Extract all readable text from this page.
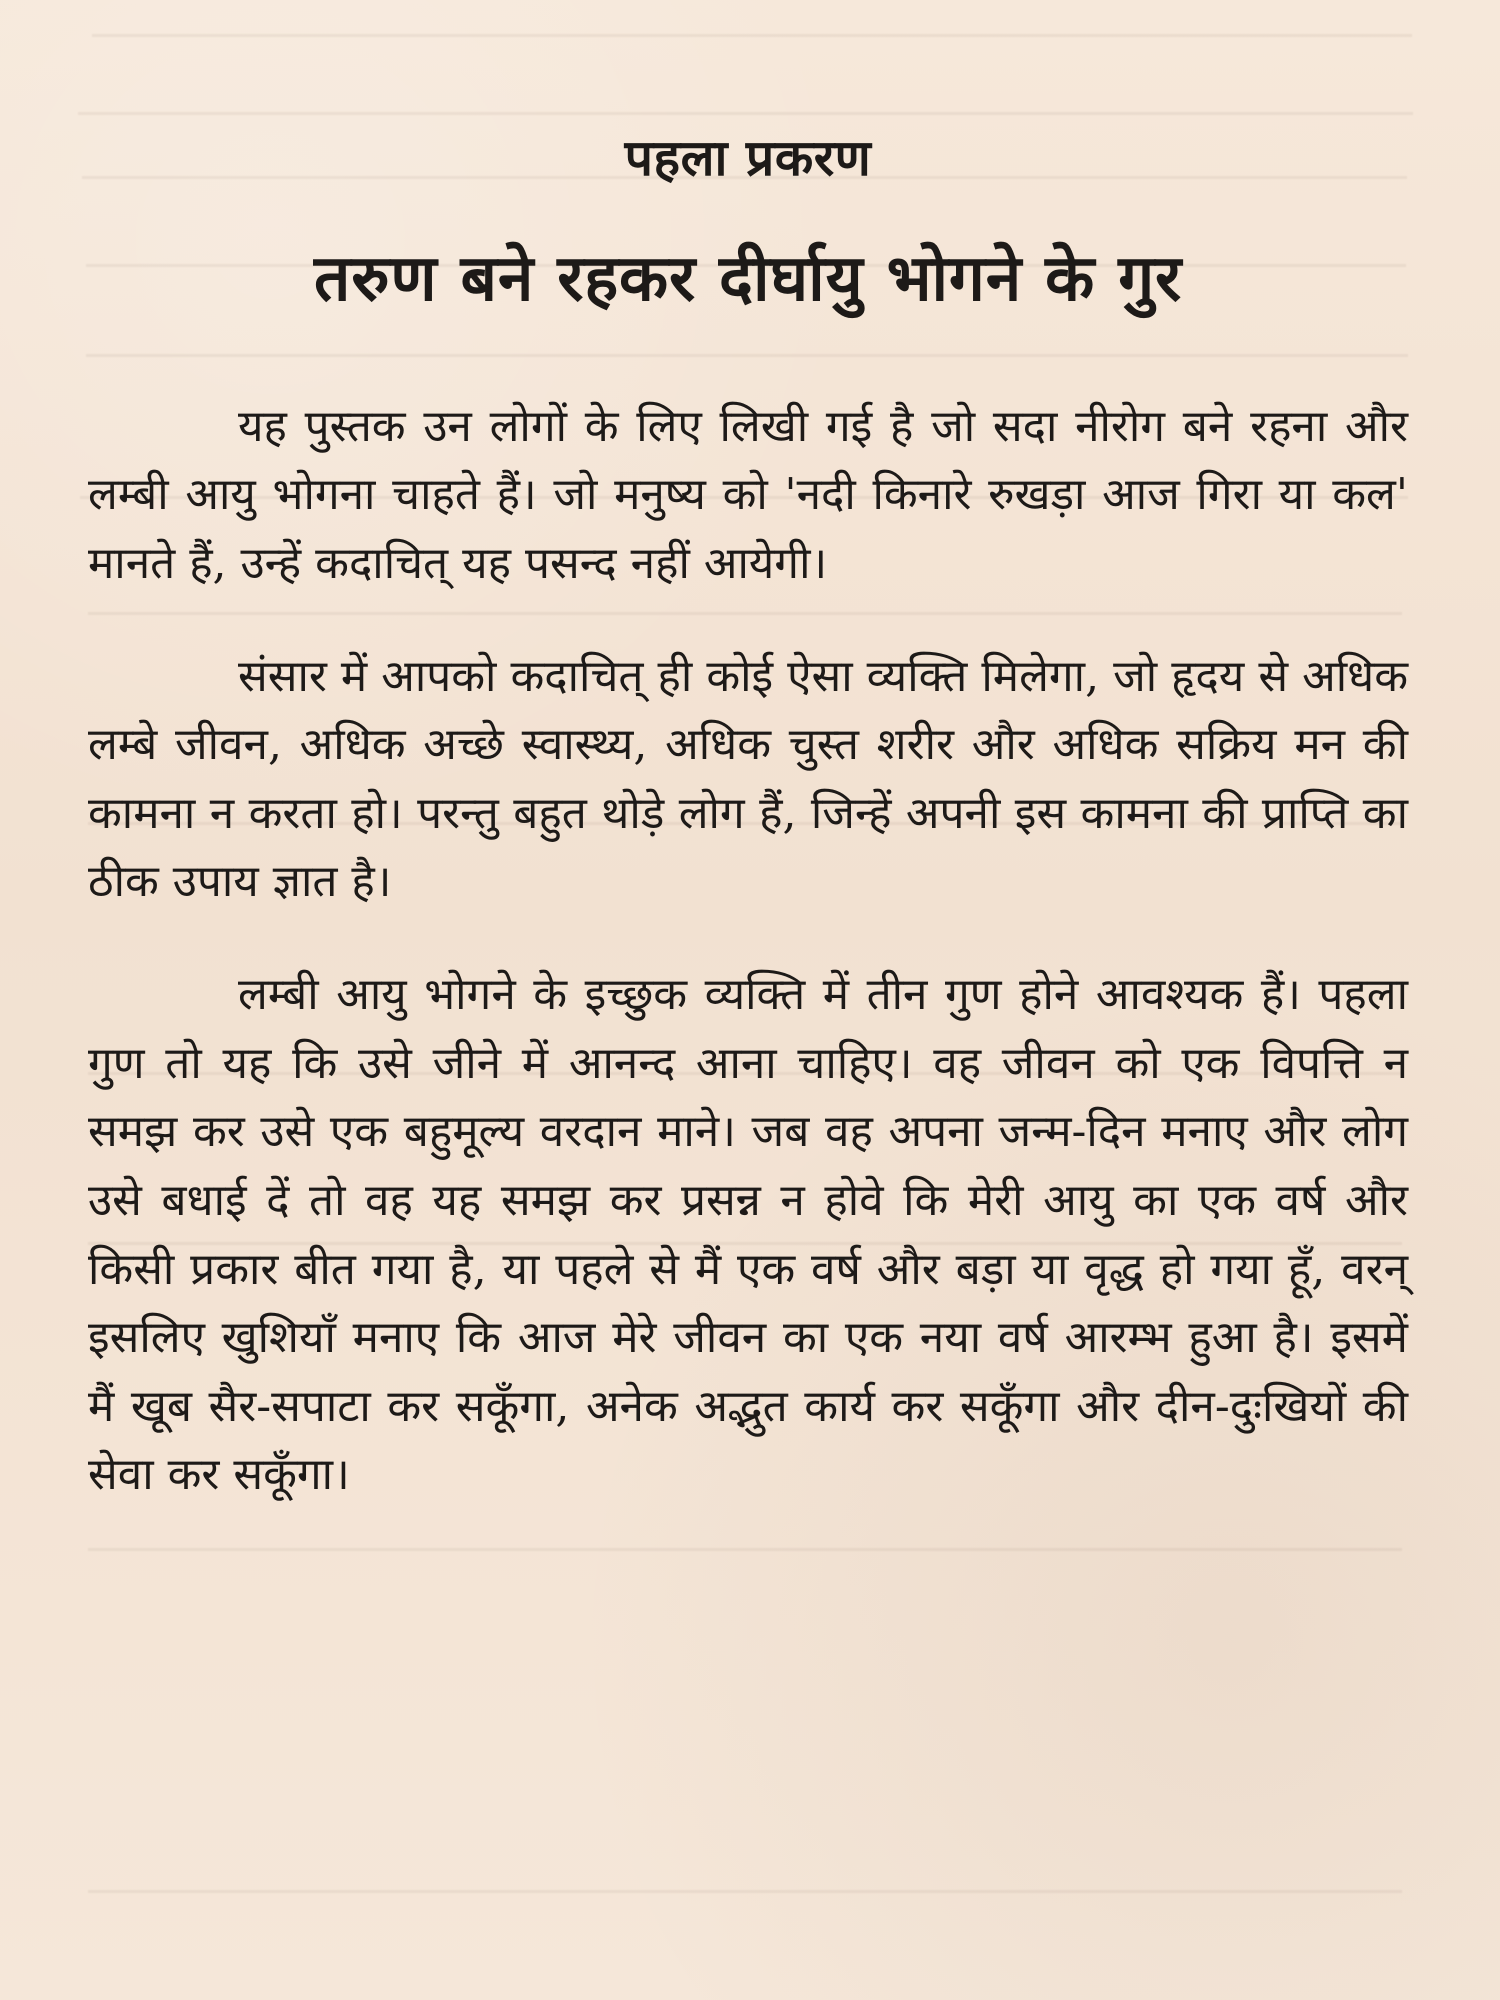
पहला प्रकरण
तरुण बने रहकर दीर्घायु भोगने के गुर

यह पुस्तक उन लोगों के लिए लिखी गई है जो सदा नीरोग बने रहना और लम्बी आयु भोगना चाहते हैं। जो मनुष्य को 'नदी किनारे रुखड़ा आज गिरा या कल' मानते हैं, उन्हें कदाचित् यह पसन्द नहीं आयेगी।

संसार में आपको कदाचित् ही कोई ऐसा व्यक्ति मिलेगा, जो हृदय से अधिक लम्बे जीवन, अधिक अच्छे स्वास्थ्य, अधिक चुस्त शरीर और अधिक सक्रिय मन की कामना न करता हो। परन्तु बहुत थोड़े लोग हैं, जिन्हें अपनी इस कामना की प्राप्ति का ठीक उपाय ज्ञात है।

लम्बी आयु भोगने के इच्छुक व्यक्ति में तीन गुण होने आवश्यक हैं। पहला गुण तो यह कि उसे जीने में आनन्द आना चाहिए। वह जीवन को एक विपत्ति न समझ कर उसे एक बहुमूल्य वरदान माने। जब वह अपना जन्म-दिन मनाए और लोग उसे बधाई दें तो वह यह समझ कर प्रसन्न न होवे कि मेरी आयु का एक वर्ष और किसी प्रकार बीत गया है, या पहले से मैं एक वर्ष और बड़ा या वृद्ध हो गया हूँ, वरन् इसलिए खुशियाँ मनाए कि आज मेरे जीवन का एक नया वर्ष आरम्भ हुआ है। इसमें मैं खूब सैर-सपाटा कर सकूँगा, अनेक अद्भुत कार्य कर सकूँगा और दीन-दुःखियों की सेवा कर सकूँगा।
